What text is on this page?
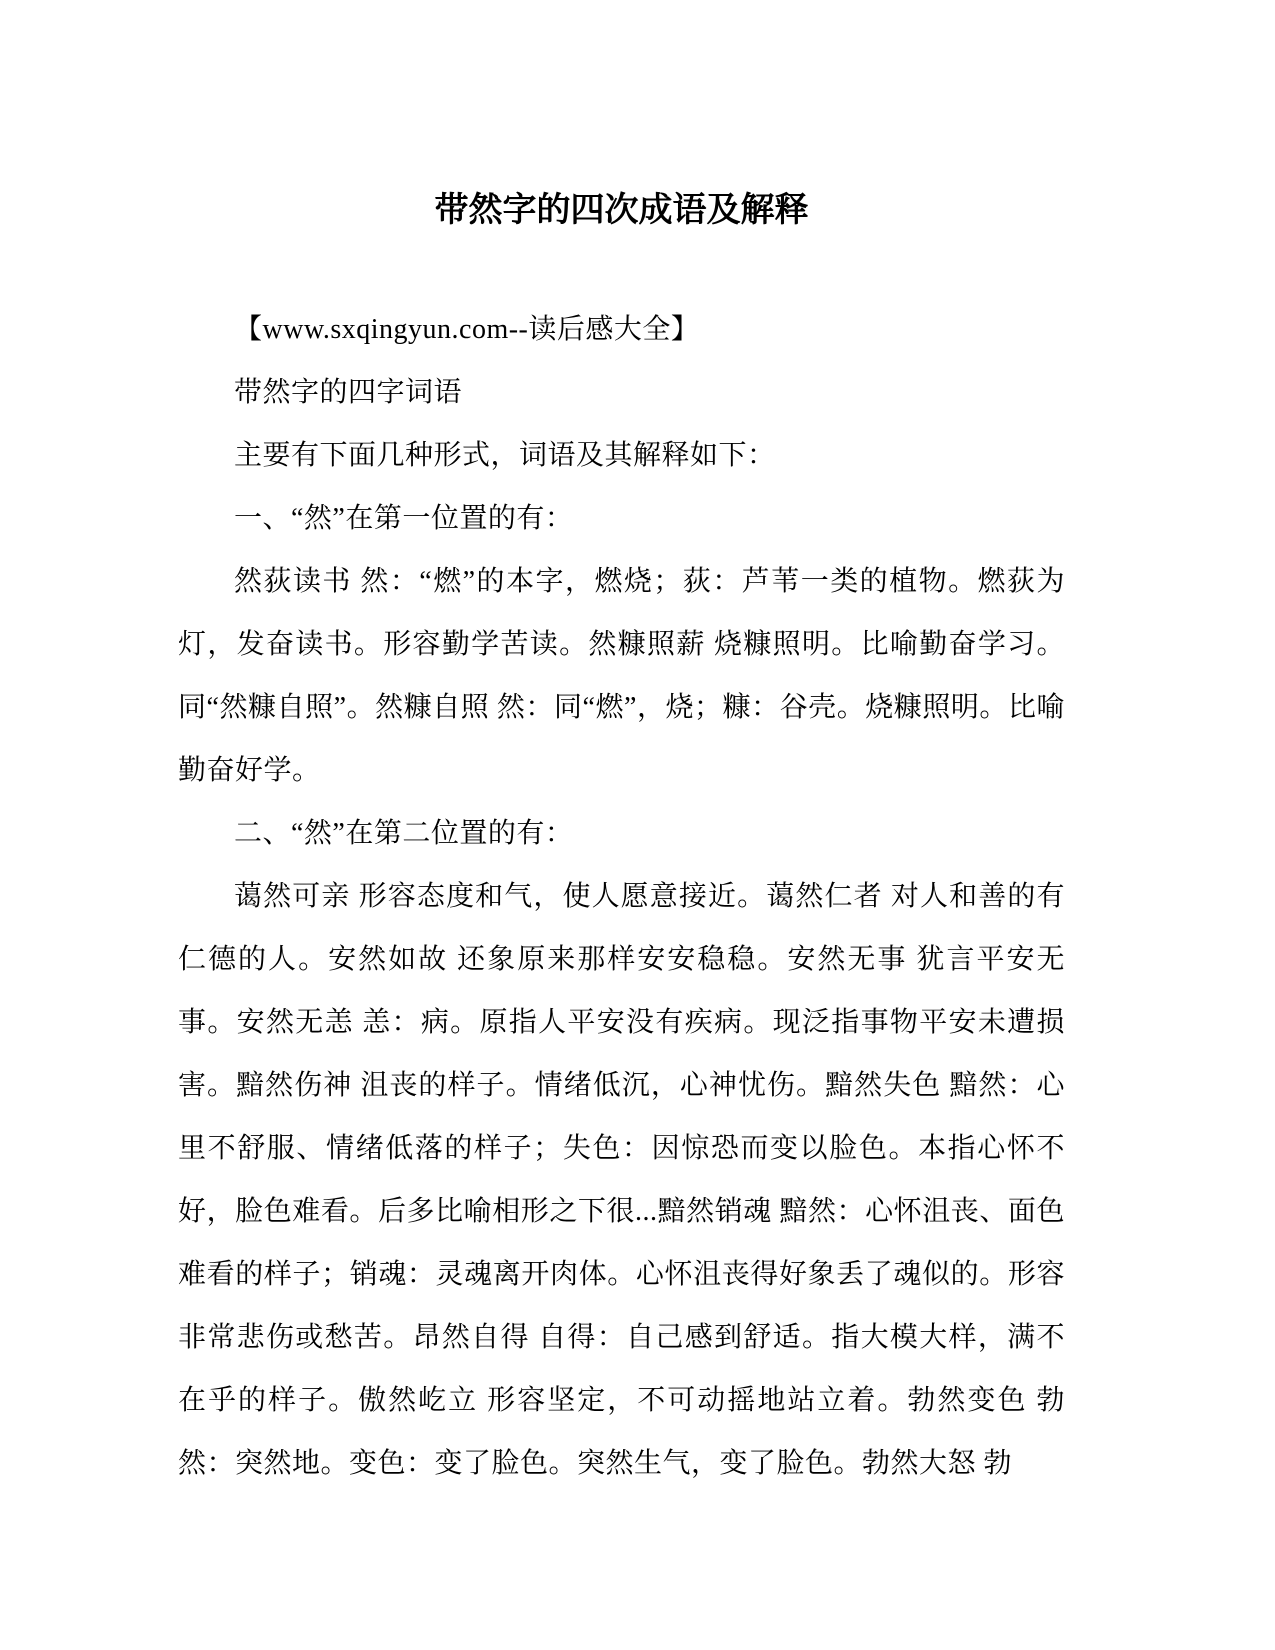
带然字的四次成语及解释

【www.sxqingyun.com--读后感大全】

带然字的四字词语

主要有下面几种形式，词语及其解释如下：

一、“然”在第一位置的有：

然荻读书 然：“燃”的本字，燃烧；荻：芦苇一类的植物。燃荻为灯，发奋读书。形容勤学苦读。然糠照薪 烧糠照明。比喻勤奋学习。同“然糠自照”。然糠自照 然：同“燃”，烧；糠：谷壳。烧糠照明。比喻勤奋好学。

二、“然”在第二位置的有：

蔼然可亲 形容态度和气，使人愿意接近。蔼然仁者 对人和善的有仁德的人。安然如故 还象原来那样安安稳稳。安然无事 犹言平安无事。安然无恙 恙：病。原指人平安没有疾病。现泛指事物平安未遭损害。黯然伤神 沮丧的样子。情绪低沉，心神忧伤。黯然失色 黯然：心里不舒服、情绪低落的样子；失色：因惊恐而变以脸色。本指心怀不好，脸色难看。后多比喻相形之下很...黯然销魂 黯然：心怀沮丧、面色难看的样子；销魂：灵魂离开肉体。心怀沮丧得好象丢了魂似的。形容非常悲伤或愁苦。昂然自得 自得：自己感到舒适。指大模大样，满不在乎的样子。傲然屹立 形容坚定，不可动摇地站立着。勃然变色 勃然：突然地。变色：变了脸色。突然生气，变了脸色。勃然大怒 勃
